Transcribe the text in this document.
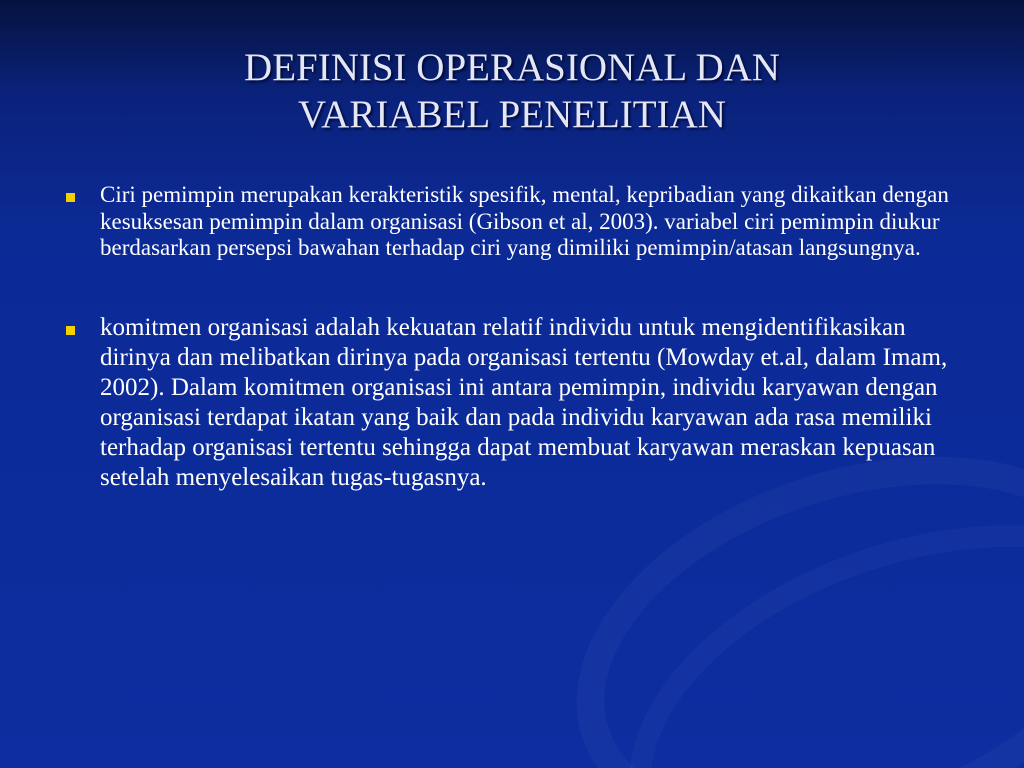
DEFINISI OPERASIONAL DAN
VARIABEL PENELITIAN
Ciri pemimpin merupakan kerakteristik spesifik, mental, kepribadian yang dikaitkan dengan kesuksesan pemimpin dalam organisasi (Gibson et al, 2003). variabel ciri pemimpin diukur berdasarkan persepsi bawahan terhadap ciri yang dimiliki pemimpin/atasan langsungnya.
komitmen organisasi adalah kekuatan relatif individu untuk mengidentifikasikan dirinya dan melibatkan dirinya pada organisasi tertentu (Mowday et.al, dalam Imam, 2002). Dalam komitmen organisasi ini antara pemimpin, individu karyawan dengan organisasi terdapat ikatan yang baik dan pada individu karyawan ada rasa memiliki terhadap organisasi tertentu sehingga dapat membuat karyawan meraskan kepuasan setelah menyelesaikan tugas-tugasnya.
